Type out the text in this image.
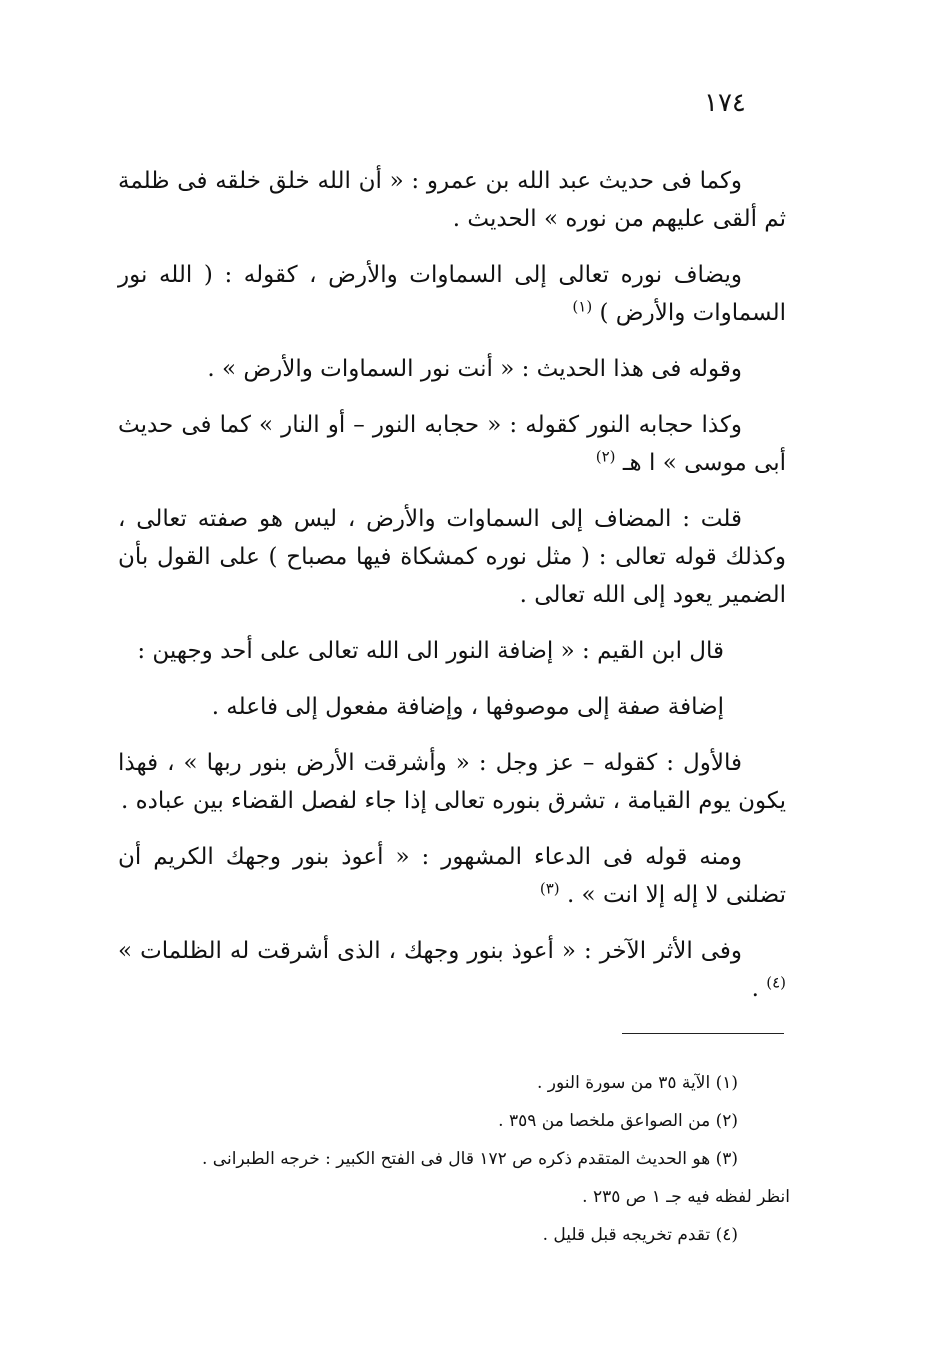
١٧٤

وكما فى حديث عبد الله بن عمرو : « أن الله خلق خلقه فى ظلمة ثم ألقى عليهم من نوره » الحديث .

ويضاف نوره تعالى إلى السماوات والأرض ، كقوله : ( الله نور السماوات والأرض ) $^{(١)}$

وقوله فى هذا الحديث : « أنت نور السماوات والأرض » .

وكذا حجابه النور كقوله : « حجابه النور – أو النار » كما فى حديث أبى موسى » ا هـ $^{(٢)}$

قلت : المضاف إلى السماوات والأرض ، ليس هو صفته تعالى ، وكذلك قوله تعالى : ( مثل نوره كمشكاة فيها مصباح ) على القول بأن الضمير يعود إلى الله تعالى .

قال ابن القيم : « إضافة النور الى الله تعالى على أحد وجهين :

إضافة صفة إلى موصوفها ، وإضافة مفعول إلى فاعله .

فالأول : كقوله – عز وجل : « وأشرقت الأرض بنور ربها » ، فهذا يكون يوم القيامة ، تشرق بنوره تعالى إذا جاء لفصل القضاء بين عباده .

ومنه قوله فى الدعاء المشهور : « أعوذ بنور وجهك الكريم أن تضلنى لا إله إلا انت » . $^{(٣)}$

وفى الأثر الآخر : « أعوذ بنور وجهك ، الذى أشرقت له الظلمات » $^{(٤)}$ .

(١) الآية ٣٥ من سورة النور .

(٢) من الصواعق ملخصا من ٣٥٩ .

(٣) هو الحديث المتقدم ذكره ص ١٧٢ قال فى الفتح الكبير : خرجه الطبرانى .

انظر لفظه فيه جـ ١ ص ٢٣٥ .

(٤) تقدم تخريجه قبل قليل .
